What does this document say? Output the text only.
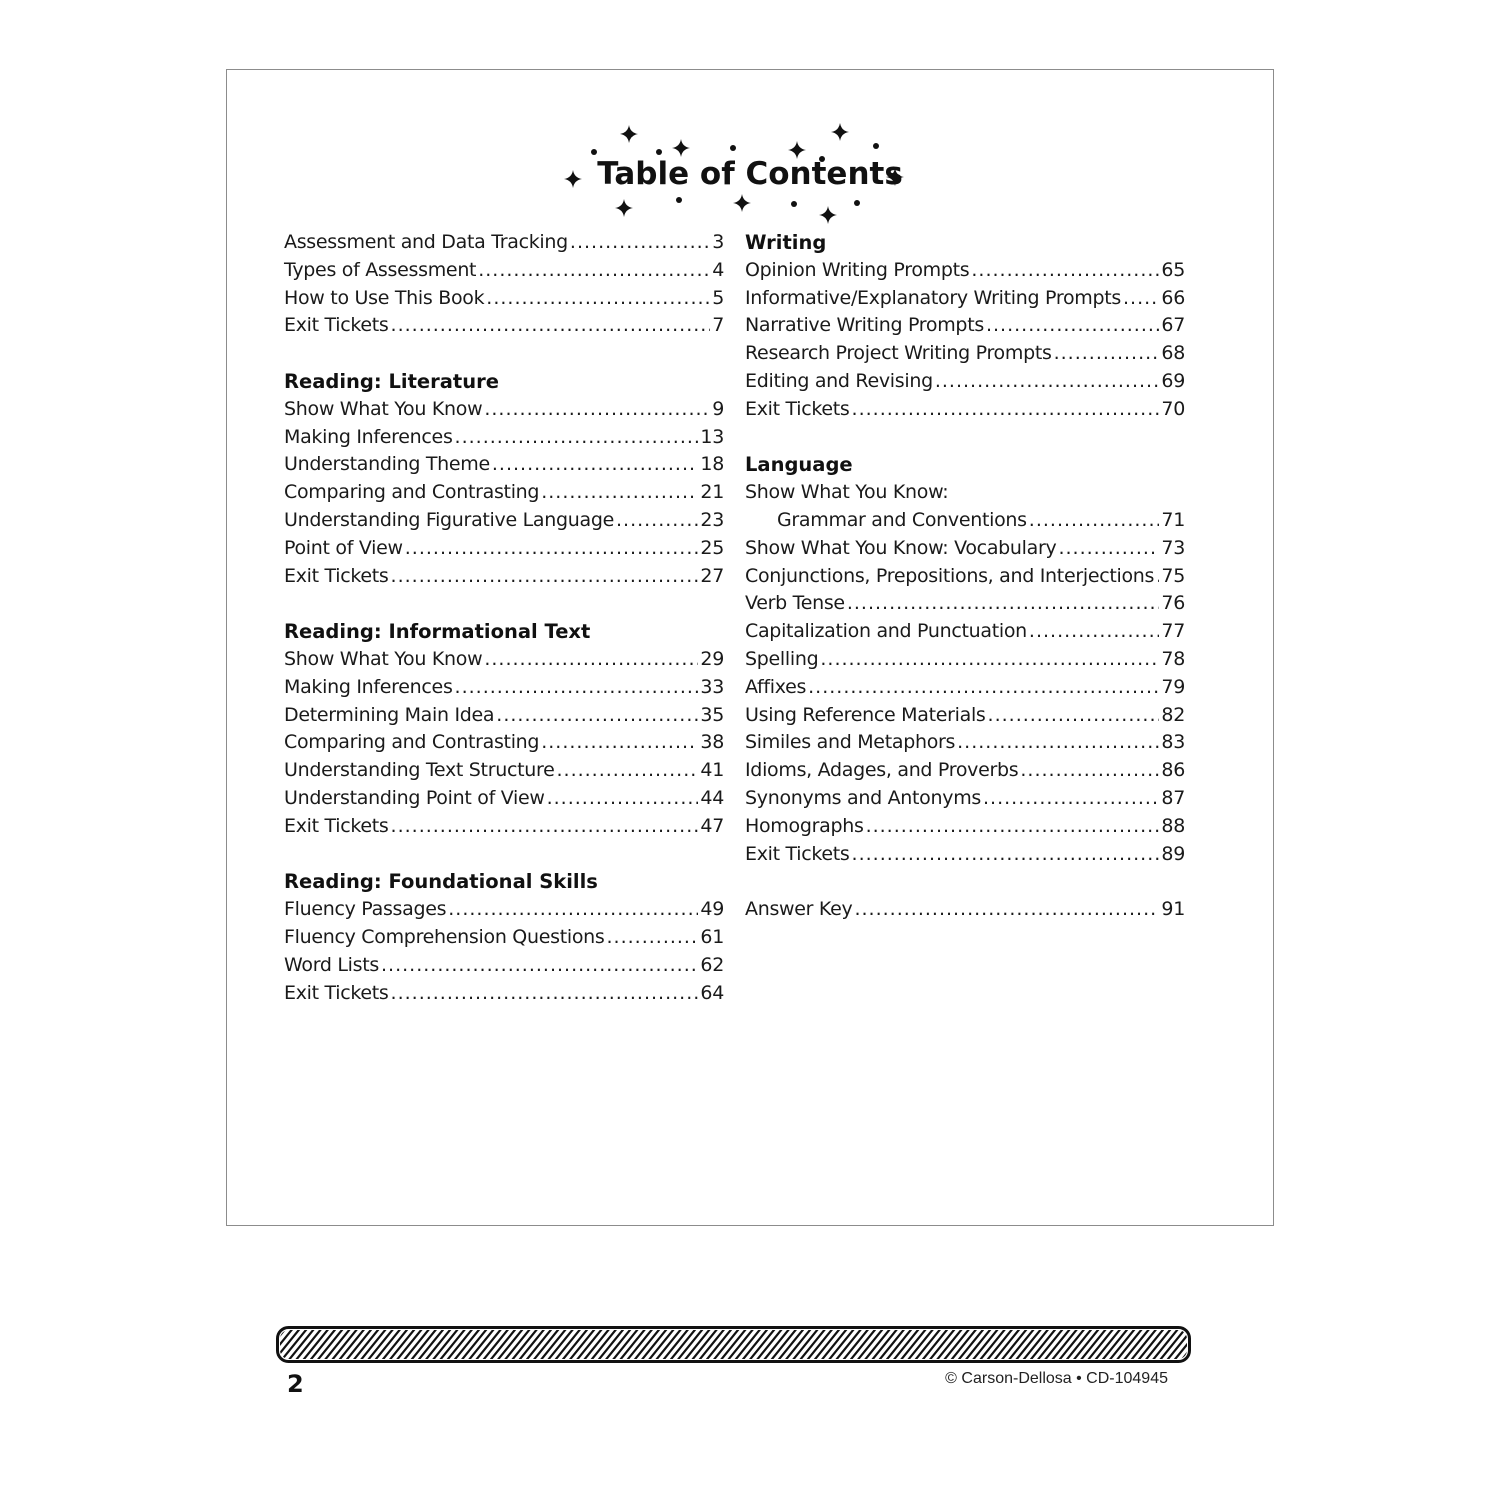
Table of Contents
Assessment and Data Tracking .....	3
Types of Assessment .....	4
How to Use This Book .....	5
Exit Tickets .....	7
Reading: Literature
Show What You Know .....	9
Making Inferences .....	13
Understanding Theme .....	18
Comparing and Contrasting .....	21
Understanding Figurative Language .....	23
Point of View .....	25
Exit Tickets .....	27
Reading: Informational Text
Show What You Know .....	29
Making Inferences .....	33
Determining Main Idea .....	35
Comparing and Contrasting .....	38
Understanding Text Structure .....	41
Understanding Point of View .....	44
Exit Tickets .....	47
Reading: Foundational Skills
Fluency Passages .....	49
Fluency Comprehension Questions .....	61
Word Lists .....	62
Exit Tickets .....	64
Writing
Opinion Writing Prompts .....	65
Informative/Explanatory Writing Prompts ..... 66
Narrative Writing Prompts .....	67
Research Project Writing Prompts .....	68
Editing and Revising .....	69
Exit Tickets .....	70
Language
Show What You Know:
Grammar and Conventions .....	71
Show What You Know: Vocabulary .....	73
Conjunctions, Prepositions, and Interjections ..... 75
Verb Tense .....	76
Capitalization and Punctuation .....	77
Spelling .....	78
Affixes .....	79
Using Reference Materials .....	82
Similes and Metaphors .....	83
Idioms, Adages, and Proverbs .....	86
Synonyms and Antonyms .....	87
Homographs .....	88
Exit Tickets .....	89
Answer Key .....	91
2	© Carson-Dellosa • CD-104945
